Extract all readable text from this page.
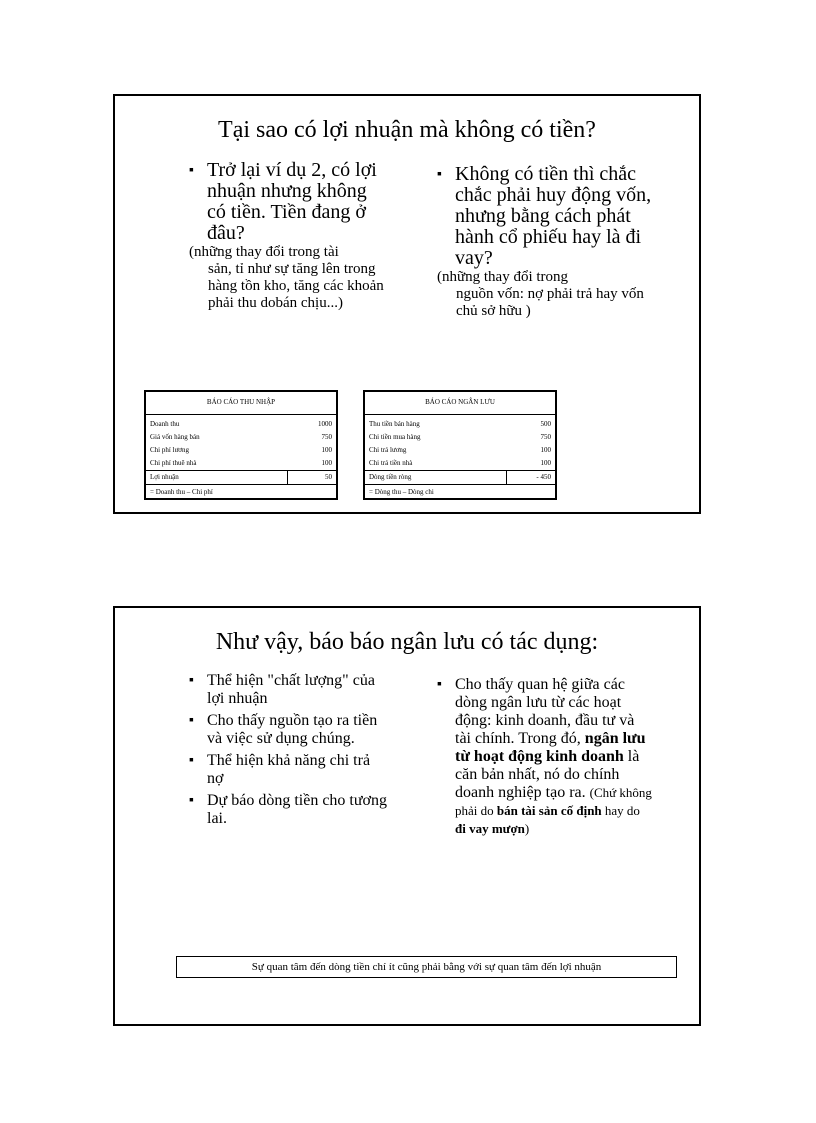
Tại sao có lợi nhuận mà không có tiền?
▪ Trở lại ví dụ 2, có lợi nhuận nhưng không có tiền. Tiền đang ở đâu?
(những thay đổi trong tài
sản, tỉ như sự tăng lên trong hàng tồn kho, tăng các khoản phải thu dobán chịu...)
▪ Không có tiền thì chắc chắc phải huy động vốn, nhưng bằng cách phát hành cổ phiếu hay là đi vay?
(những thay đổi trong
nguồn vốn: nợ phải trả hay vốn chủ sở hữu )
BÁO CÁO THU NHẬP
Doanh thu	1000
Giá vốn hàng bán	750
Chi phí lương	100
Chi phí thuê nhà	100
Lợi nhuận	50
= Doanh thu – Chi phí
BÁO CÁO NGÂN LƯU
Thu tiền bán hàng	500
Chi tiền mua hàng	750
Chi trả lương	100
Chi trả tiền nhà	100
Dòng tiền ròng	- 450
= Dòng thu – Dòng chi
Như vậy, báo báo ngân lưu có tác dụng:
▪ Thể hiện "chất lượng" của lợi nhuận
▪ Cho thấy nguồn tạo ra tiền và việc sử dụng chúng.
▪ Thể hiện khả năng chi trả nợ
▪ Dự báo dòng tiền cho tương lai.
▪ Cho thấy quan hệ giữa các dòng ngân lưu từ các hoạt động: kinh doanh, đầu tư và tài chính. Trong đó, ngân lưu từ hoạt động kinh doanh là căn bản nhất, nó do chính doanh nghiệp tạo ra. (Chứ không phải do bán tài sản cố định hay do đi vay mượn)
Sự quan tâm đến dòng tiền chí ít cũng phải bằng với sự quan tâm đến lợi nhuận
